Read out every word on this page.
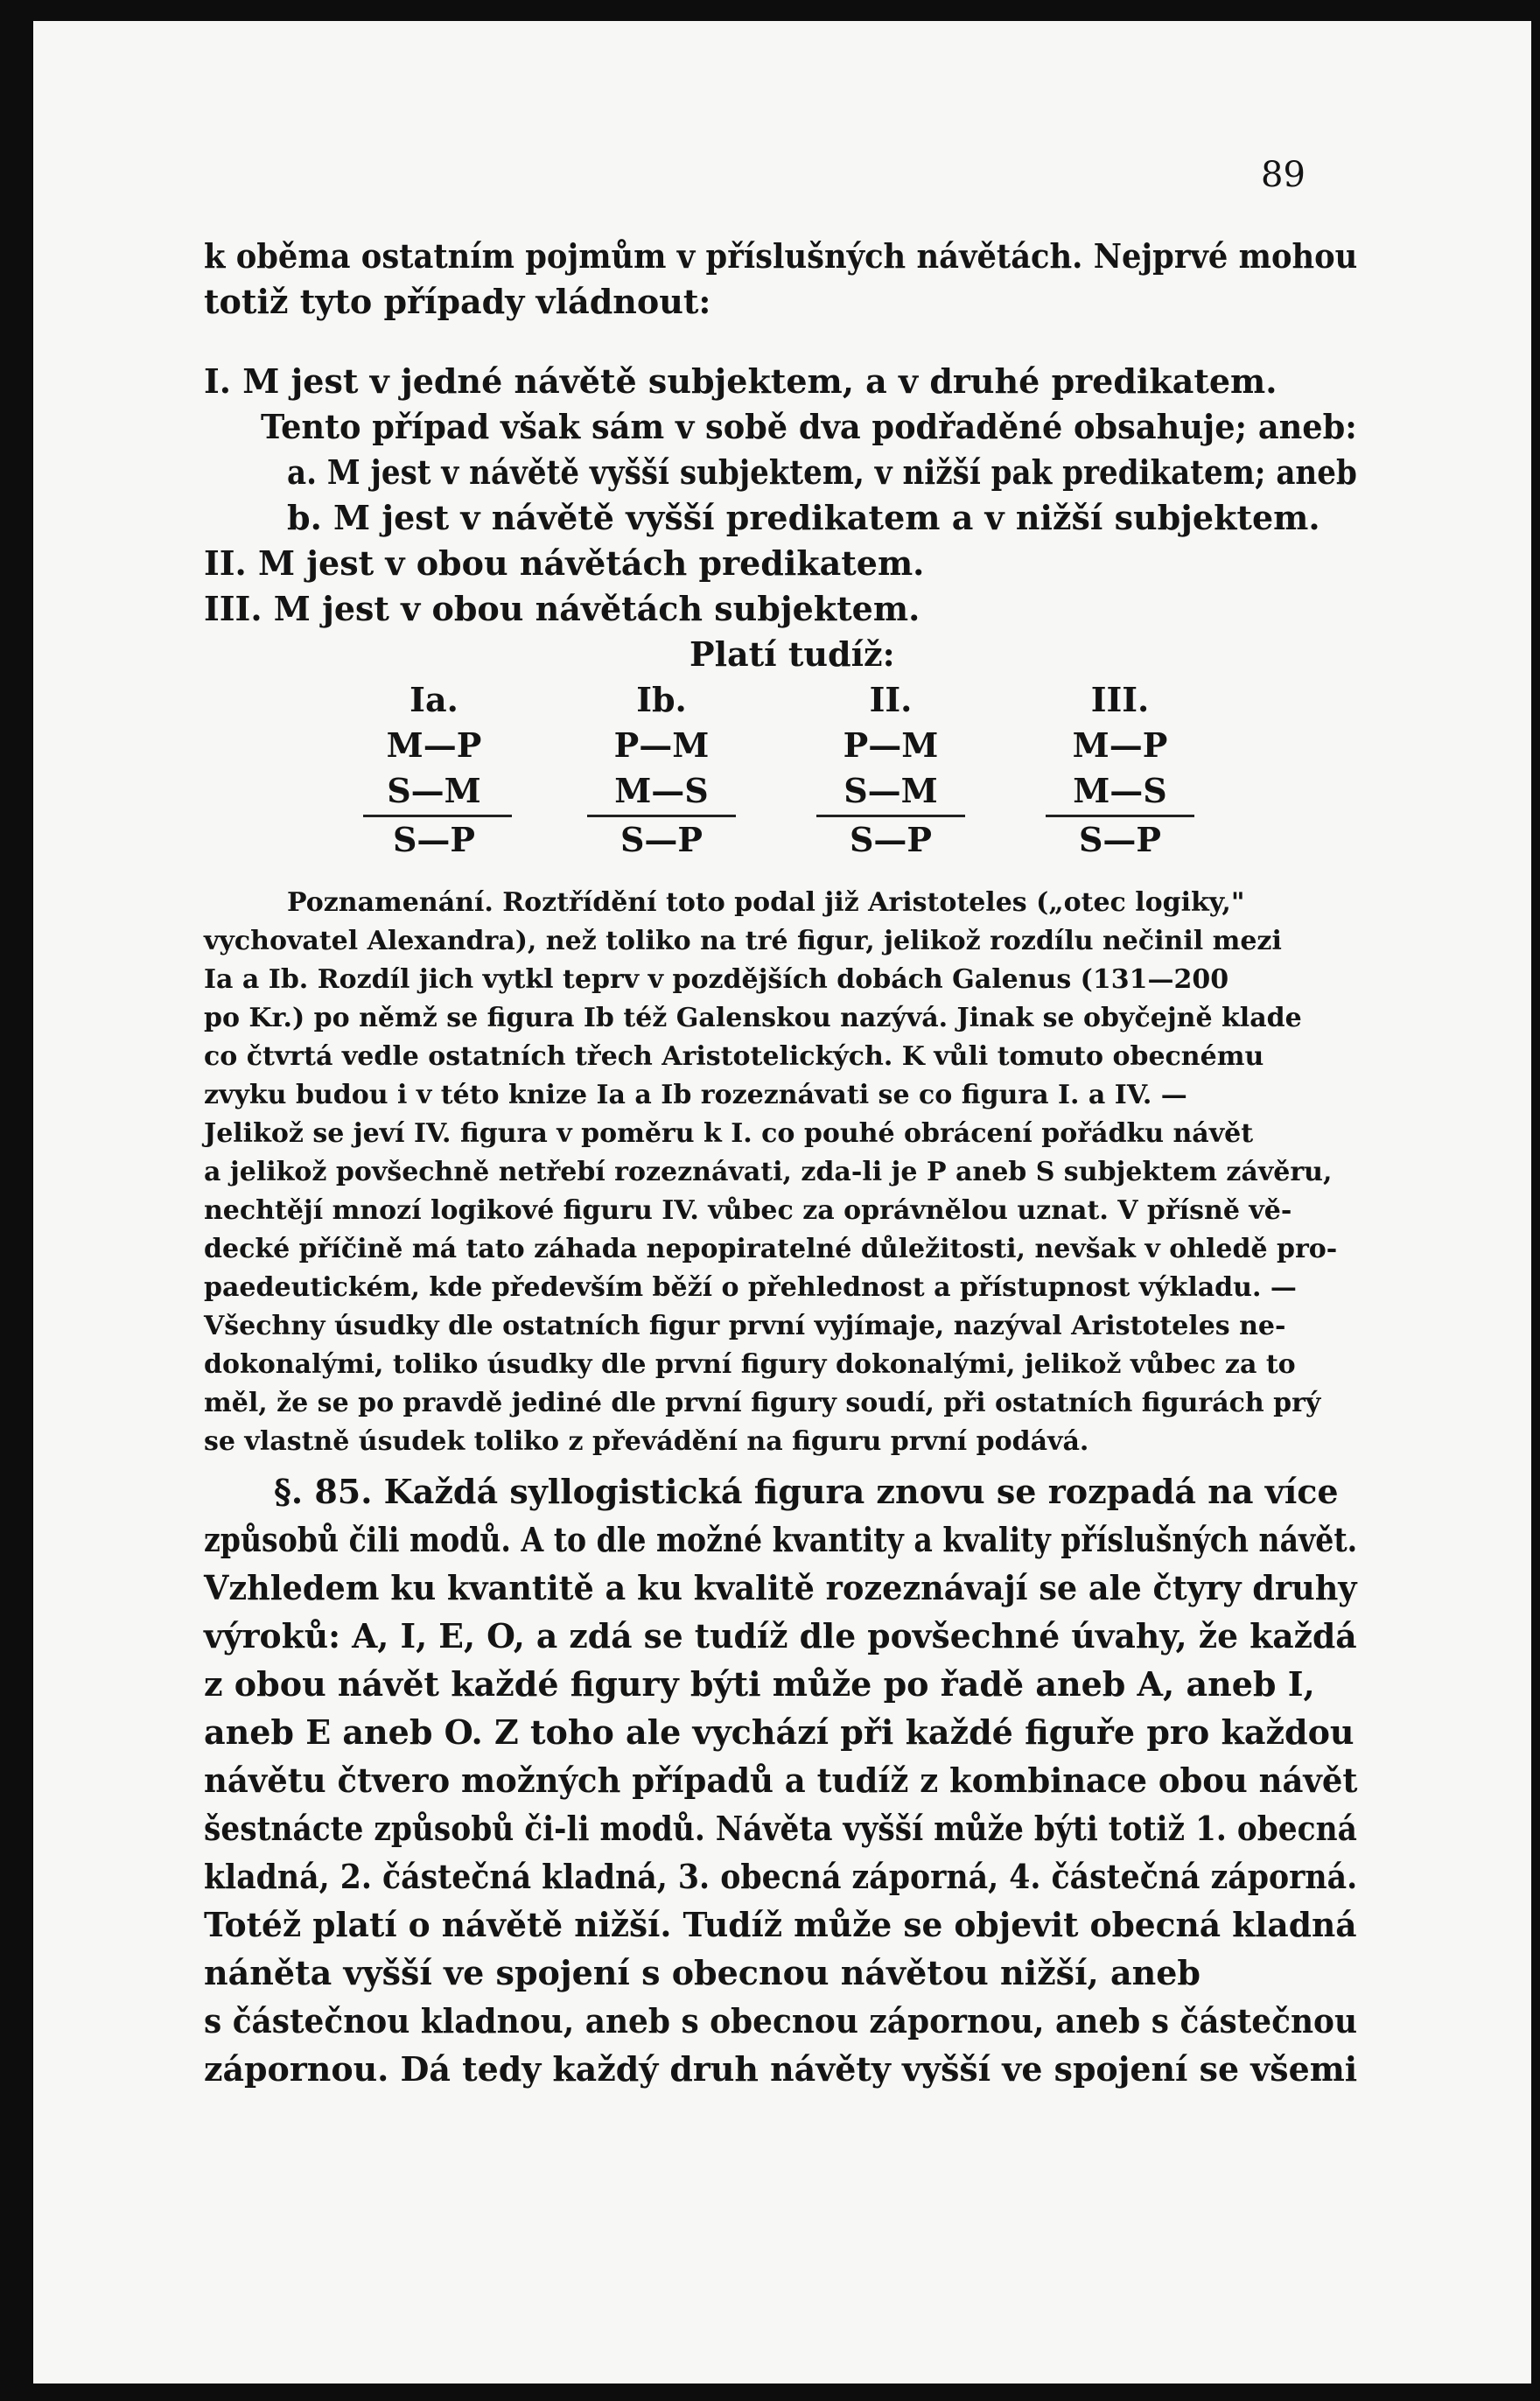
89
k oběma ostatním pojmům v příslušných návětách. Nejprvé mohou
totiž tyto případy vládnout:
I. M jest v jedné návětě subjektem, a v druhé predikatem.
Tento případ však sám v sobě dva podřaděné obsahuje; aneb:
a. M jest v návětě vyšší subjektem, v nižší pak predikatem; aneb
b. M jest v návětě vyšší predikatem a v nižší subjektem.
II. M jest v obou návětách predikatem.
III. M jest v obou návětách subjektem.
Platí tudíž:
Ia.
M—P
S—M
S—P
Ib.
P—M
M—S
S—P
II.
P—M
S—M
S—P
III.
M—P
M—S
S—P
Poznamenání. Roztřídění toto podal již Aristoteles („otec logiky,"
vychovatel Alexandra), než toliko na tré figur, jelikož rozdílu nečinil mezi
Ia a Ib. Rozdíl jich vytkl teprv v pozdějších dobách Galenus (131—200
po Kr.) po němž se figura Ib též Galenskou nazývá. Jinak se obyčejně klade
co čtvrtá vedle ostatních třech Aristotelických. K vůli tomuto obecnému
zvyku budou i v této knize Ia a Ib rozeznávati se co figura I. a IV. —
Jelikož se jeví IV. figura v poměru k I. co pouhé obrácení pořádku návět
a jelikož povšechně netřebí rozeznávati, zda-li je P aneb S subjektem závěru,
nechtějí mnozí logikové figuru IV. vůbec za oprávnělou uznat. V přísně vě-
decké příčině má tato záhada nepopiratelné důležitosti, nevšak v ohledě pro-
paedeutickém, kde především běží o přehlednost a přístupnost výkladu. —
Všechny úsudky dle ostatních figur první vyjímaje, nazýval Aristoteles ne-
dokonalými, toliko úsudky dle první figury dokonalými, jelikož vůbec za to
měl, že se po pravdě jediné dle první figury soudí, při ostatních figurách prý
se vlastně úsudek toliko z převádění na figuru první podává.
§. 85. Každá syllogistická figura znovu se rozpadá na více
způsobů čili modů. A to dle možné kvantity a kvality příslušných návět.
Vzhledem ku kvantitě a ku kvalitě rozeznávají se ale čtyry druhy
výroků: A, I, E, O, a zdá se tudíž dle povšechné úvahy, že každá
z obou návět každé figury býti může po řadě aneb A, aneb I,
aneb E aneb O. Z toho ale vychází při každé figuře pro každou
návětu čtvero možných případů a tudíž z kombinace obou návět
šestnácte způsobů či-li modů. Návěta vyšší může býti totiž 1. obecná
kladná, 2. částečná kladná, 3. obecná záporná, 4. částečná záporná.
Totéž platí o návětě nižší. Tudíž může se objevit obecná kladná
náněta vyšší ve spojení s obecnou návětou nižší, aneb
s částečnou kladnou, aneb s obecnou zápornou, aneb s částečnou
zápornou. Dá tedy každý druh návěty vyšší ve spojení se všemi
